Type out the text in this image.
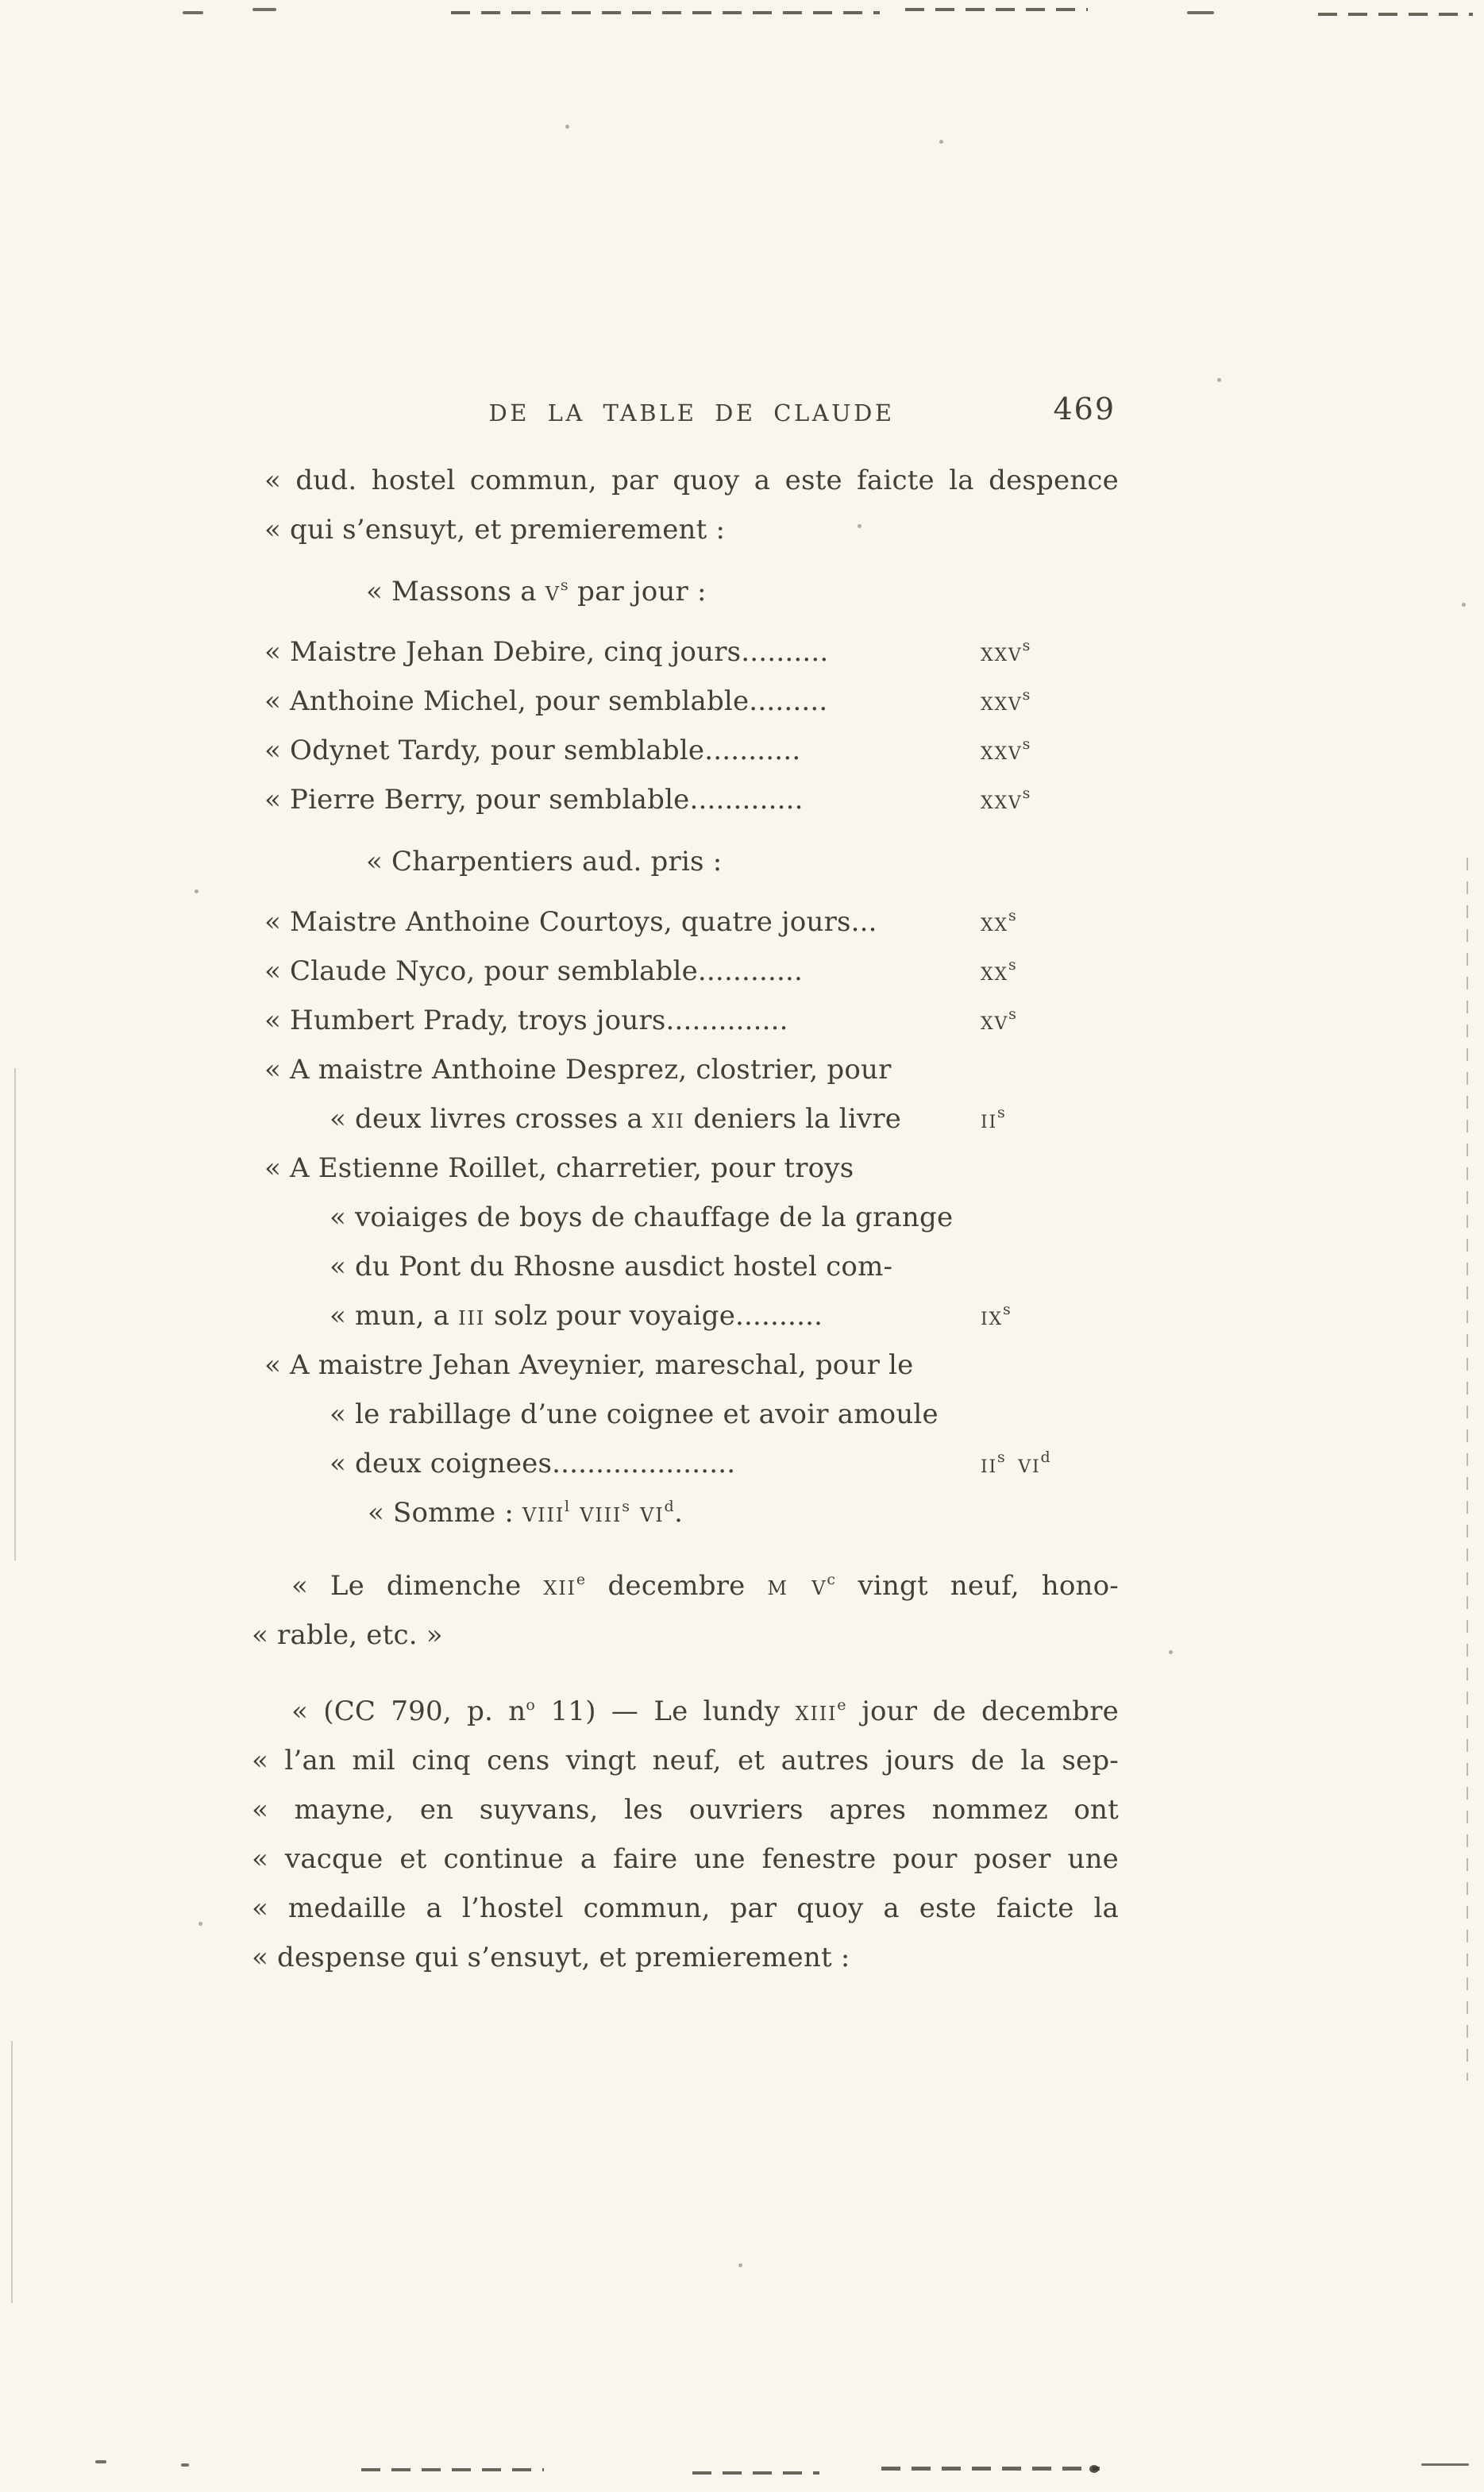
DE LA TABLE DE CLAUDE	469
« dud. hostel commun, par quoy a este faicte la despence
« qui s’ensuyt, et premierement :
« Massons a $v^s$ par jour :
« Maistre Jehan Debire, cinq jours..........	xxv$^s$
« Anthoine Michel, pour semblable.........	xxv$^s$
« Odynet Tardy, pour semblable...........	xxv$^s$
« Pierre Berry, pour semblable.............	xxv$^s$
« Charpentiers aud. pris :
« Maistre Anthoine Courtoys, quatre jours...	$xx^s$
« Claude Nyco, pour semblable............	$xx^s$
« Humbert Prady, troys jours..............	$xv^s$
« A maistre Anthoine Desprez, clostrier, pour
« deux livres crosses a xii deniers la livre	$ii^s$
« A Estienne Roillet, charretier, pour troys
« voiaiges de boys de chauffage de la grange
« du Pont du Rhosne ausdict hostel com-
« mun, a iii solz pour voyaige..........	$ix^s$
« A maistre Jehan Aveynier, mareschal, pour le
« le rabillage d’une coignee et avoir amoule
« deux coignees.....................	$ii^s$ $vi^d$
« Somme : viii$^l$ viii$^s$ $vi^d$.
« Le dimenche xii$^e$ decembre m $v^c$ vingt neuf, hono-
« rable, etc. »
« (CC 790, p. $n^o$ 11) — Le lundy xiii$^e$ jour de decembre
« l’an mil cinq cens vingt neuf, et autres jours de la sep-
« mayne, en suyvans, les ouvriers apres nommez ont
« vacque et continue a faire une fenestre pour poser une
« medaille a l’hostel commun, par quoy a este faicte la
« despense qui s’ensuyt, et premierement :
